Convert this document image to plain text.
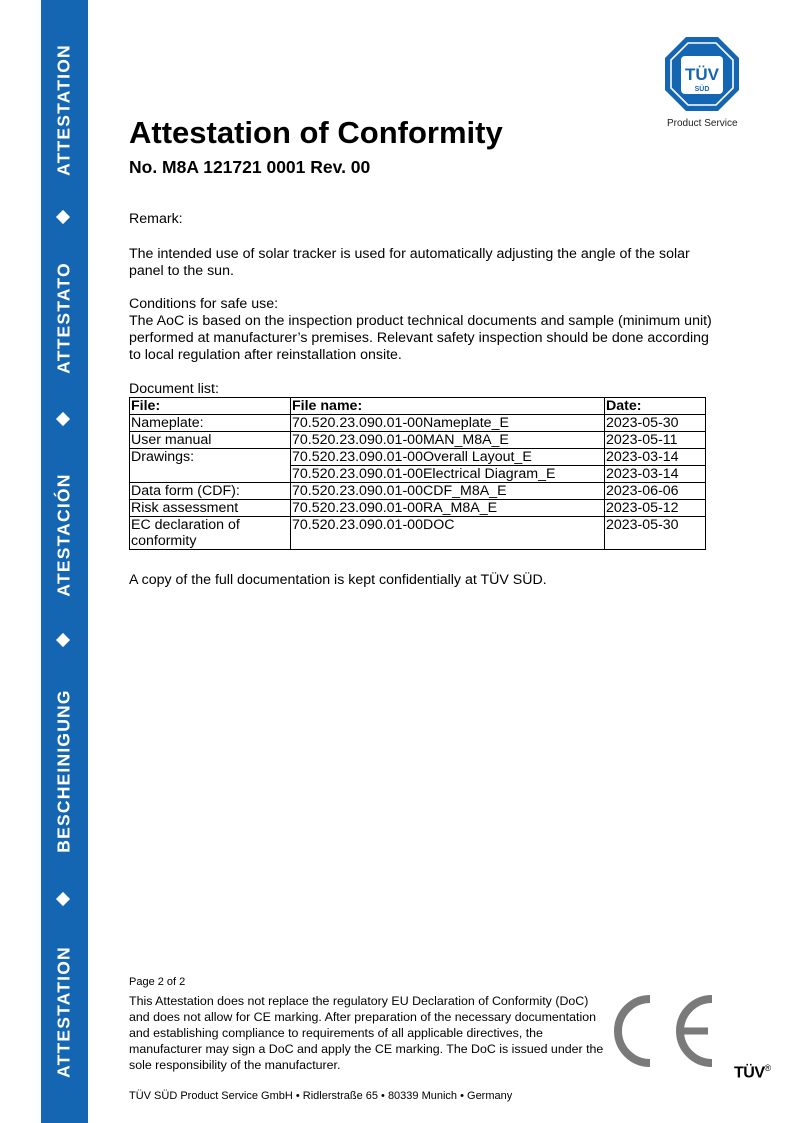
ATTESTATION
ATTESTATO
ATESTACIÓN
BESCHEINIGUNG
ATTESTATION
TÜV
SÜD
Product Service
Attestation of Conformity
No. M8A 121721 0001 Rev. 00
Remark:
The intended use of solar tracker is used for automatically adjusting the angle of the solar panel to the sun.
Conditions for safe use:
The AoC is based on the inspection product technical documents and sample (minimum unit) performed at manufacturer’s premises. Relevant safety inspection should be done according to local regulation after reinstallation onsite.
Document list:
File:	File name:	Date:
Nameplate:	70.520.23.090.01-00Nameplate_E	2023-05-30
User manual	70.520.23.090.01-00MAN_M8A_E	2023-05-11
Drawings:	70.520.23.090.01-00Overall Layout_E	2023-03-14
	70.520.23.090.01-00Electrical Diagram_E	2023-03-14
Data form (CDF):	70.520.23.090.01-00CDF_M8A_E	2023-06-06
Risk assessment	70.520.23.090.01-00RA_M8A_E	2023-05-12
EC declaration of conformity	70.520.23.090.01-00DOC	2023-05-30
A copy of the full documentation is kept confidentially at TÜV SÜD.
Page 2 of 2
This Attestation does not replace the regulatory EU Declaration of Conformity (DoC) and does not allow for CE marking. After preparation of the necessary documentation and establishing compliance to requirements of all applicable directives, the manufacturer may sign a DoC and apply the CE marking. The DoC is issued under the sole responsibility of the manufacturer.	TÜV®
TÜV SÜD Product Service GmbH • Ridlerstraße 65 • 80339 Munich • Germany
